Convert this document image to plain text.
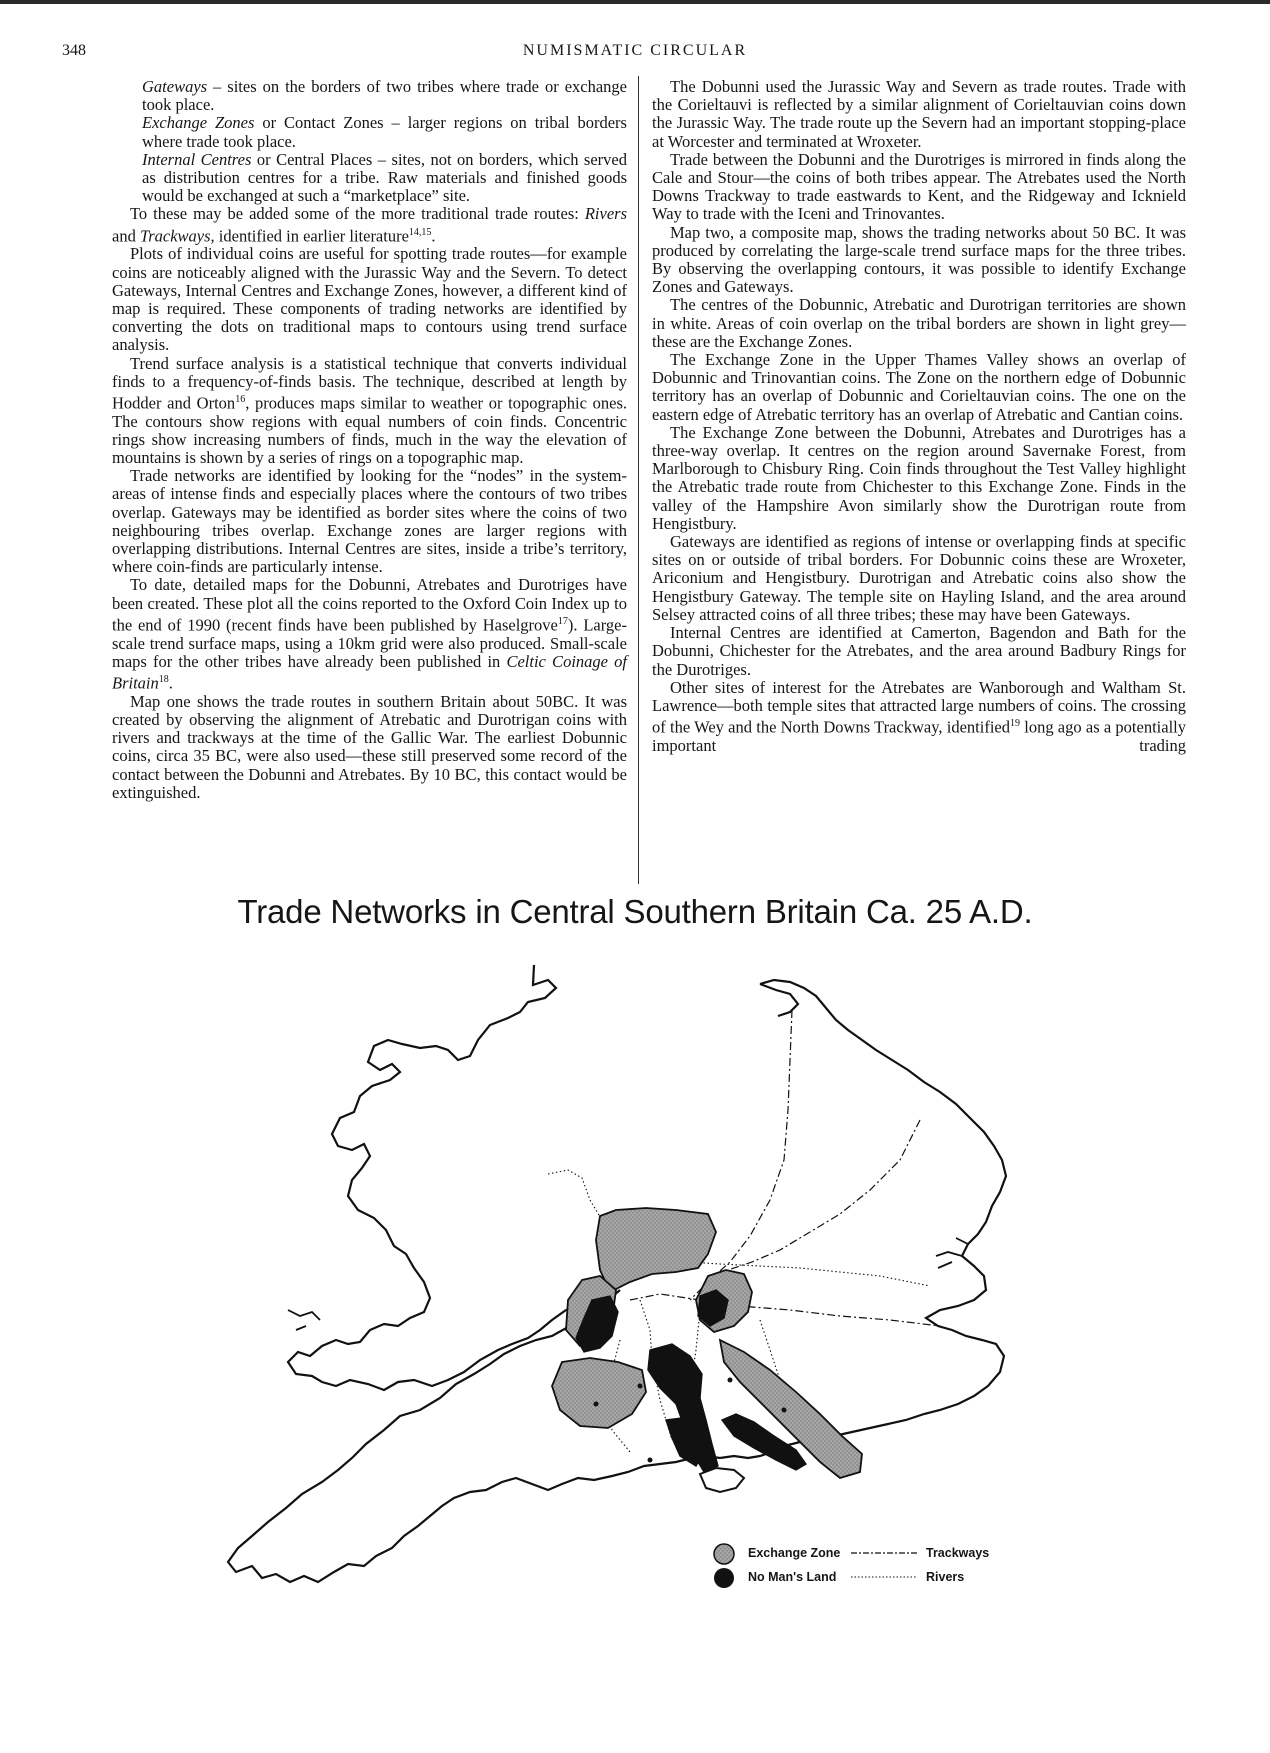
348	NUMISMATIC CIRCULAR

Gateways – sites on the borders of two tribes where trade or exchange took place.

Exchange Zones or Contact Zones – larger regions on tribal borders where trade took place.

Internal Centres or Central Places – sites, not on borders, which served as distribution centres for a tribe. Raw materials and finished goods would be exchanged at such a “marketplace” site.

To these may be added some of the more traditional trade routes: Rivers and Trackways, identified in earlier literature$^{14,15}$.

Plots of individual coins are useful for spotting trade routes—for example coins are noticeably aligned with the Jurassic Way and the Severn. To detect Gateways, Internal Centres and Exchange Zones, however, a different kind of map is required. These components of trading networks are identified by converting the dots on traditional maps to contours using trend surface analysis.

Trend surface analysis is a statistical technique that converts individual finds to a frequency-of-finds basis. The technique, described at length by Hodder and Orton$^{16}$, produces maps similar to weather or topographic ones. The contours show regions with equal numbers of coin finds. Concentric rings show increasing numbers of finds, much in the way the elevation of mountains is shown by a series of rings on a topographic map.

Trade networks are identified by looking for the “nodes” in the system-areas of intense finds and especially places where the contours of two tribes overlap. Gateways may be identified as border sites where the coins of two neighbouring tribes overlap. Exchange zones are larger regions with overlapping distributions. Internal Centres are sites, inside a tribe’s territory, where coin-finds are particularly intense.

To date, detailed maps for the Dobunni, Atrebates and Durotriges have been created. These plot all the coins reported to the Oxford Coin Index up to the end of 1990 (recent finds have been published by Haselgrove$^{17}$). Large-scale trend surface maps, using a 10km grid were also produced. Small-scale maps for the other tribes have already been published in Celtic Coinage of Britain$^{18}$.

Map one shows the trade routes in southern Britain about 50BC. It was created by observing the alignment of Atrebatic and Durotrigan coins with rivers and trackways at the time of the Gallic War. The earliest Dobunnic coins, circa 35 BC, were also used—these still preserved some record of the contact between the Dobunni and Atrebates. By 10 BC, this contact would be extinguished.

The Dobunni used the Jurassic Way and Severn as trade routes. Trade with the Corieltauvi is reflected by a similar alignment of Corieltauvian coins down the Jurassic Way. The trade route up the Severn had an important stopping-place at Worcester and terminated at Wroxeter.

Trade between the Dobunni and the Durotriges is mirrored in finds along the Cale and Stour—the coins of both tribes appear. The Atrebates used the North Downs Trackway to trade eastwards to Kent, and the Ridgeway and Icknield Way to trade with the Iceni and Trinovantes.

Map two, a composite map, shows the trading networks about 50 BC. It was produced by correlating the large-scale trend surface maps for the three tribes. By observing the overlapping contours, it was possible to identify Exchange Zones and Gateways.

The centres of the Dobunnic, Atrebatic and Durotrigan territories are shown in white. Areas of coin overlap on the tribal borders are shown in light grey—these are the Exchange Zones.

The Exchange Zone in the Upper Thames Valley shows an overlap of Dobunnic and Trinovantian coins. The Zone on the northern edge of Dobunnic territory has an overlap of Dobunnic and Corieltauvian coins. The one on the eastern edge of Atrebatic territory has an overlap of Atrebatic and Cantian coins.

The Exchange Zone between the Dobunni, Atrebates and Durotriges has a three-way overlap. It centres on the region around Savernake Forest, from Marlborough to Chisbury Ring. Coin finds throughout the Test Valley highlight the Atrebatic trade route from Chichester to this Exchange Zone. Finds in the valley of the Hampshire Avon similarly show the Durotrigan route from Hengistbury.

Gateways are identified as regions of intense or overlapping finds at specific sites on or outside of tribal borders. For Dobunnic coins these are Wroxeter, Ariconium and Hengistbury. Durotrigan and Atrebatic coins also show the Hengistbury Gateway. The temple site on Hayling Island, and the area around Selsey attracted coins of all three tribes; these may have been Gateways.

Internal Centres are identified at Camerton, Bagendon and Bath for the Dobunni, Chichester for the Atrebates, and the area around Badbury Rings for the Durotriges.

Other sites of interest for the Atrebates are Wanborough and Waltham St. Lawrence—both temple sites that attracted large numbers of coins. The crossing of the Wey and the North Downs Trackway, identified$^{19}$ long ago as a potentially important trading

Trade Networks in Central Southern Britain Ca. 25 A.D.
Exchange Zone
No Man's Land
Trackways
Rivers
